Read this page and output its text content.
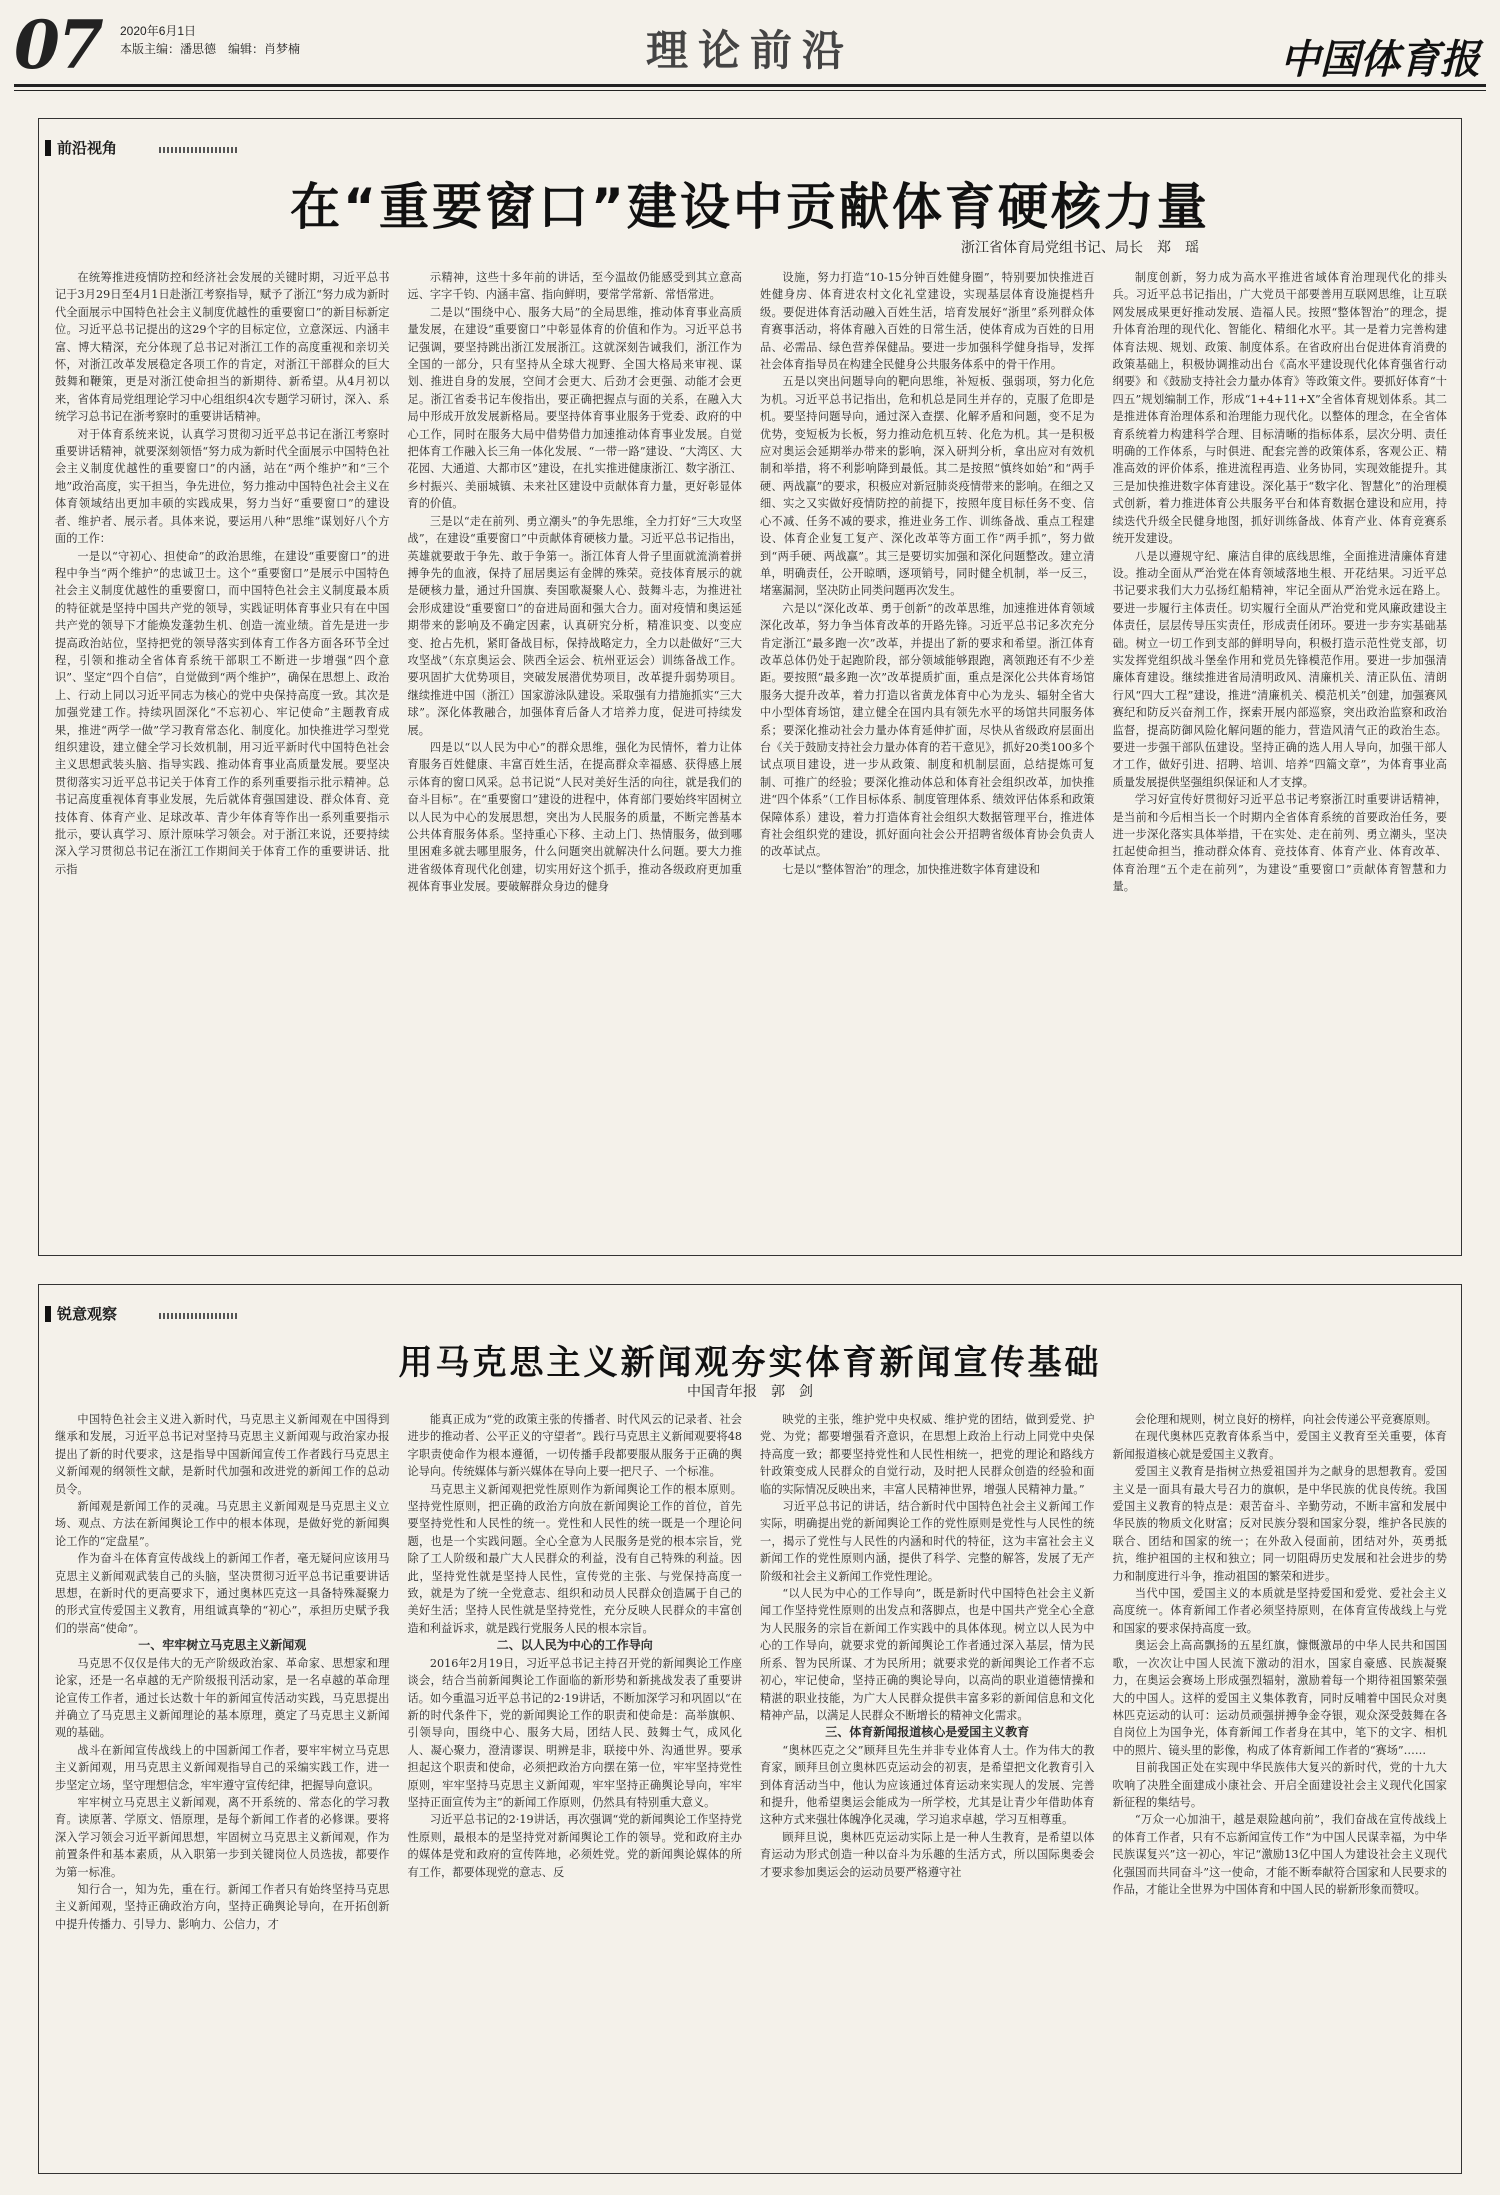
07 2020年6月1日
本版主编：潘思德　编辑：肖梦楠	理论前沿	中国体育报
前沿视角
在“重要窗口”建设中贡献体育硬核力量
浙江省体育局党组书记、局长　郑　瑶

在统筹推进疫情防控和经济社会发展的关键时期，习近平总书记于3月29日至4月1日赴浙江考察指导，赋予了浙江“努力成为新时代全面展示中国特色社会主义制度优越性的重要窗口”的新目标新定位。习近平总书记提出的这29个字的目标定位，立意深远、内涵丰富、博大精深，充分体现了总书记对浙江工作的高度重视和亲切关怀，对浙江改革发展稳定各项工作的肯定，对浙江干部群众的巨大鼓舞和鞭策，更是对浙江使命担当的新期待、新希望。从4月初以来，省体育局党组理论学习中心组组织4次专题学习研讨，深入、系统学习总书记在浙考察时的重要讲话精神。

对于体育系统来说，认真学习贯彻习近平总书记在浙江考察时重要讲话精神，就要深刻领悟“努力成为新时代全面展示中国特色社会主义制度优越性的重要窗口”的内涵，站在“两个维护”和“三个地”政治高度，实干担当，争先进位，努力推动中国特色社会主义在体育领域结出更加丰硕的实践成果，努力当好“重要窗口”的建设者、维护者、展示者。具体来说，要运用八种“思维”谋划好八个方面的工作：

一是以“守初心、担使命”的政治思维，在建设“重要窗口”的进程中争当“两个维护”的忠诚卫士。这个“重要窗口”是展示中国特色社会主义制度优越性的重要窗口，而中国特色社会主义制度最本质的特征就是坚持中国共产党的领导，实践证明体育事业只有在中国共产党的领导下才能焕发蓬勃生机、创造一流业绩。首先是进一步提高政治站位，坚持把党的领导落实到体育工作各方面各环节全过程，引领和推动全省体育系统干部职工不断进一步增强“四个意识”、坚定“四个自信”，自觉做到“两个维护”，确保在思想上、政治上、行动上同以习近平同志为核心的党中央保持高度一致。其次是加强党建工作。持续巩固深化“不忘初心、牢记使命”主题教育成果，推进“两学一做”学习教育常态化、制度化。加快推进学习型党组织建设，建立健全学习长效机制，用习近平新时代中国特色社会主义思想武装头脑、指导实践、推动体育事业高质量发展。要坚决贯彻落实习近平总书记关于体育工作的系列重要指示批示精神。总书记高度重视体育事业发展，先后就体育强国建设、群众体育、竞技体育、体育产业、足球改革、青少年体育等作出一系列重要指示批示，要认真学习、原汁原味学习领会。对于浙江来说，还要持续深入学习贯彻总书记在浙江工作期间关于体育工作的重要讲话、批示指

示精神，这些十多年前的讲话，至今温故仍能感受到其立意高远、字字千钧、内涵丰富、指向鲜明，要常学常新、常悟常进。

二是以“围绕中心、服务大局”的全局思维，推动体育事业高质量发展，在建设“重要窗口”中彰显体育的价值和作为。习近平总书记强调，要坚持跳出浙江发展浙江。这就深刻告诫我们，浙江作为全国的一部分，只有坚持从全球大视野、全国大格局来审视、谋划、推进自身的发展，空间才会更大、后劲才会更强、动能才会更足。浙江省委书记车俊指出，要正确把握点与面的关系，在融入大局中形成开放发展新格局。要坚持体育事业服务于党委、政府的中心工作，同时在服务大局中借势借力加速推动体育事业发展。自觉把体育工作融入长三角一体化发展、“一带一路”建设、“大湾区、大花园、大通道、大都市区”建设，在扎实推进健康浙江、数字浙江、乡村振兴、美丽城镇、未来社区建设中贡献体育力量，更好彰显体育的价值。

三是以“走在前列、勇立潮头”的争先思维，全力打好“三大攻坚战”，在建设“重要窗口”中贡献体育硬核力量。习近平总书记指出，英雄就要敢于争先、敢于争第一。浙江体育人骨子里面就流淌着拼搏争先的血液，保持了屈居奥运有金牌的殊荣。竞技体育展示的就是硬核力量，通过升国旗、奏国歌凝聚人心、鼓舞斗志，为推进社会形成建设“重要窗口”的奋进局面和强大合力。面对疫情和奥运延期带来的影响及不确定因素，认真研究分析，精准识变、以变应变、抢占先机，紧盯备战目标，保持战略定力，全力以赴做好“三大攻坚战”（东京奥运会、陕西全运会、杭州亚运会）训练备战工作。要巩固扩大优势项目，突破发展潜优势项目，改革提升弱势项目。继续推进中国（浙江）国家游泳队建设。采取强有力措施抓实“三大球”。深化体教融合，加强体育后备人才培养力度，促进可持续发展。

四是以“以人民为中心”的群众思维，强化为民情怀，着力让体育服务百姓健康、丰富百姓生活，在提高群众幸福感、获得感上展示体育的窗口风采。总书记说“人民对美好生活的向往，就是我们的奋斗目标”。在“重要窗口”建设的进程中，体育部门要始终牢固树立以人民为中心的发展思想，突出为人民服务的质量，不断完善基本公共体育服务体系。坚持重心下移、主动上门、热情服务，做到哪里困难多就去哪里服务，什么问题突出就解决什么问题。要大力推进省级体育现代化创建，切实用好这个抓手，推动各级政府更加重视体育事业发展。要破解群众身边的健身

设施，努力打造“10-15分钟百姓健身圈”，特别要加快推进百姓健身房、体育进农村文化礼堂建设，实现基层体育设施提档升级。要促进体育活动融入百姓生活，培育发展好“浙里”系列群众体育赛事活动，将体育融入百姓的日常生活，使体育成为百姓的日用品、必需品、绿色营养保健品。要进一步加强科学健身指导，发挥社会体育指导员在构建全民健身公共服务体系中的骨干作用。

五是以突出问题导向的靶向思维，补短板、强弱项，努力化危为机。习近平总书记指出，危和机总是同生并存的，克服了危即是机。要坚持问题导向，通过深入查摆、化解矛盾和问题，变不足为优势，变短板为长板，努力推动危机互转、化危为机。其一是积极应对奥运会延期举办带来的影响，深入研判分析，拿出应对有效机制和举措，将不利影响降到最低。其二是按照“慎终如始”和“两手硬、两战赢”的要求，积极应对新冠肺炎疫情带来的影响。在细之又细、实之又实做好疫情防控的前提下，按照年度目标任务不变、信心不减、任务不减的要求，推进业务工作、训练备战、重点工程建设、体育企业复工复产、深化改革等方面工作“两手抓”，努力做到“两手硬、两战赢”。其三是要切实加强和深化问题整改。建立清单，明确责任，公开晾晒，逐项销号，同时健全机制，举一反三，堵塞漏洞，坚决防止同类问题再次发生。

六是以“深化改革、勇于创新”的改革思维，加速推进体育领域深化改革，努力争当体育改革的开路先锋。习近平总书记多次充分肯定浙江“最多跑一次”改革，并提出了新的要求和希望。浙江体育改革总体仍处于起跑阶段，部分领域能够跟跑，离领跑还有不少差距。要按照“最多跑一次”改革提质扩面，重点是深化公共体育场馆服务大提升改革，着力打造以省黄龙体育中心为龙头、辐射全省大中小型体育场馆，建立健全在国内具有领先水平的场馆共同服务体系；要深化推动社会力量办体育延伸扩面，尽快从省级政府层面出台《关于鼓励支持社会力量办体育的若干意见》，抓好20类100多个试点项目建设，进一步从政策、制度和机制层面，总结提炼可复制、可推广的经验；要深化推动体总和体育社会组织改革，加快推进“四个体系”（工作目标体系、制度管理体系、绩效评估体系和政策保障体系）建设，着力打造体育社会组织大数据管理平台，推进体育社会组织党的建设，抓好面向社会公开招聘省级体育协会负责人的改革试点。

七是以“整体智治”的理念，加快推进数字体育建设和

制度创新，努力成为高水平推进省域体育治理现代化的排头兵。习近平总书记指出，广大党员干部要善用互联网思维，让互联网发展成果更好推动发展、造福人民。按照“整体智治”的理念，提升体育治理的现代化、智能化、精细化水平。其一是着力完善构建体育法规、规划、政策、制度体系。在省政府出台促进体育消费的政策基础上，积极协调推动出台《高水平建设现代化体育强省行动纲要》和《鼓励支持社会力量办体育》等政策文件。要抓好体育“十四五”规划编制工作，形成“1+4+11+X”全省体育规划体系。其二是推进体育治理体系和治理能力现代化。以整体的理念，在全省体育系统着力构建科学合理、目标清晰的指标体系，层次分明、责任明确的工作体系，与时俱进、配套完善的政策体系，客观公正、精准高效的评价体系，推进流程再造、业务协同，实现效能提升。其三是加快推进数字体育建设。深化基于“数字化、智慧化”的治理模式创新，着力推进体育公共服务平台和体育数据仓建设和应用，持续迭代升级全民健身地图，抓好训练备战、体育产业、体育竞赛系统开发建设。

八是以遵规守纪、廉洁自律的底线思维，全面推进清廉体育建设。推动全面从严治党在体育领域落地生根、开花结果。习近平总书记要求我们大力弘扬红船精神，牢记全面从严治党永远在路上。要进一步履行主体责任。切实履行全面从严治党和党风廉政建设主体责任，层层传导压实责任，形成责任闭环。要进一步夯实基础基础。树立一切工作到支部的鲜明导向，积极打造示范性党支部，切实发挥党组织战斗堡垒作用和党员先锋模范作用。要进一步加强清廉体育建设。继续推进省局清明政风、清廉机关、清正队伍、清朗行风“四大工程”建设，推进“清廉机关、模范机关”创建，加强赛风赛纪和防反兴奋剂工作，探索开展内部巡察，突出政治监察和政治监督，提高防御风险化解问题的能力，营造风清气正的政治生态。要进一步强干部队伍建设。坚持正确的选人用人导向，加强干部人才工作，做好引进、招聘、培训、培养“四篇文章”，为体育事业高质量发展提供坚强组织保证和人才支撑。

学习好宣传好贯彻好习近平总书记考察浙江时重要讲话精神，是当前和今后相当长一个时期内全省体育系统的首要政治任务，要进一步深化落实具体举措，干在实处、走在前列、勇立潮头，坚决扛起使命担当，推动群众体育、竞技体育、体育产业、体育改革、体育治理“五个走在前列”，为建设“重要窗口”贡献体育智慧和力量。

锐意观察
用马克思主义新闻观夯实体育新闻宣传基础
中国青年报　郭　剑

中国特色社会主义进入新时代，马克思主义新闻观在中国得到继承和发展，习近平总书记对坚持马克思主义新闻观与政治家办报提出了新的时代要求，这是指导中国新闻宣传工作者践行马克思主义新闻观的纲领性文献，是新时代加强和改进党的新闻工作的总动员令。

新闻观是新闻工作的灵魂。马克思主义新闻观是马克思主义立场、观点、方法在新闻舆论工作中的根本体现，是做好党的新闻舆论工作的“定盘星”。

作为奋斗在体育宣传战线上的新闻工作者，毫无疑问应该用马克思主义新闻观武装自己的头脑，坚决贯彻习近平总书记重要讲话思想，在新时代的更高要求下，通过奥林匹克这一具备特殊凝聚力的形式宣传爱国主义教育，用组诚真挚的“初心”，承担历史赋予我们的崇高“使命”。

一、牢牢树立马克思主义新闻观

马克思不仅仅是伟大的无产阶级政治家、革命家、思想家和理论家，还是一名卓越的无产阶级报刊活动家，是一名卓越的革命理论宣传工作者，通过长达数十年的新闻宣传活动实践，马克思提出并确立了马克思主义新闻理论的基本原理，奠定了马克思主义新闻观的基础。

战斗在新闻宣传战线上的中国新闻工作者，要牢牢树立马克思主义新闻观，用马克思主义新闻观指导自己的采编实践工作，进一步坚定立场，坚守理想信念，牢牢遵守宣传纪律，把握导向意识。

牢牢树立马克思主义新闻观，离不开系统的、常态化的学习教育。读原著、学原文、悟原理，是每个新闻工作者的必修课。要将深入学习领会习近平新闻思想，牢固树立马克思主义新闻观，作为前置条件和基本素质，从入职第一步到关键岗位人员选拔，都要作为第一标准。

知行合一，知为先，重在行。新闻工作者只有始终坚持马克思主义新闻观，坚持正确政治方向，坚持正确舆论导向，在开拓创新中提升传播力、引导力、影响力、公信力，才

能真正成为“党的政策主张的传播者、时代风云的记录者、社会进步的推动者、公平正义的守望者”。践行马克思主义新闻观要将48字职责使命作为根本遵循，一切传播手段都要服从服务于正确的舆论导向。传统媒体与新兴媒体在导向上要一把尺子、一个标准。

马克思主义新闻观把党性原则作为新闻舆论工作的根本原则。坚持党性原则，把正确的政治方向放在新闻舆论工作的首位，首先要坚持党性和人民性的统一。党性和人民性的统一既是一个理论问题，也是一个实践问题。全心全意为人民服务是党的根本宗旨，党除了工人阶级和最广大人民群众的利益，没有自己特殊的利益。因此，坚持党性就是坚持人民性，宣传党的主张、与党保持高度一致，就是为了统一全党意志、组织和动员人民群众创造属于自己的美好生活；坚持人民性就是坚持党性，充分反映人民群众的丰富创造和利益诉求，就是践行党服务人民的根本宗旨。

二、以人民为中心的工作导向

2016年2月19日，习近平总书记主持召开党的新闻舆论工作座谈会，结合当前新闻舆论工作面临的新形势和新挑战发表了重要讲话。如今重温习近平总书记的2·19讲话，不断加深学习和巩固以“在新的时代条件下，党的新闻舆论工作的职责和使命是：高举旗帜、引领导向，围绕中心、服务大局，团结人民、鼓舞士气，成风化人、凝心聚力，澄清谬误、明辨是非，联接中外、沟通世界。要承担起这个职责和使命，必须把政治方向摆在第一位，牢牢坚持党性原则，牢牢坚持马克思主义新闻观，牢牢坚持正确舆论导向，牢牢坚持正面宣传为主”的新闻工作原则，仍然具有特别重大意义。

习近平总书记的2·19讲话，再次强调“党的新闻舆论工作坚持党性原则，最根本的是坚持党对新闻舆论工作的领导。党和政府主办的媒体是党和政府的宣传阵地，必须姓党。党的新闻舆论媒体的所有工作，都要体现党的意志、反

映党的主张，维护党中央权威、维护党的团结，做到爱党、护党、为党；都要增强看齐意识，在思想上政治上行动上同党中央保持高度一致；都要坚持党性和人民性相统一，把党的理论和路线方针政策变成人民群众的自觉行动，及时把人民群众创造的经验和面临的实际情况反映出来，丰富人民精神世界，增强人民精神力量。”

习近平总书记的讲话，结合新时代中国特色社会主义新闻工作实际，明确提出党的新闻舆论工作的党性原则是党性与人民性的统一，揭示了党性与人民性的内涵和时代的特征，这为丰富社会主义新闻工作的党性原则内涵，提供了科学、完整的解答，发展了无产阶级和社会主义新闻工作党性理论。

“以人民为中心的工作导向”，既是新时代中国特色社会主义新闻工作坚持党性原则的出发点和落脚点，也是中国共产党全心全意为人民服务的宗旨在新闻工作实践中的具体体现。树立以人民为中心的工作导向，就要求党的新闻舆论工作者通过深入基层，情为民所系、智为民所谋、才为民所用；就要求党的新闻舆论工作者不忘初心，牢记使命，坚持正确的舆论导向，以高尚的职业道德情操和精湛的职业技能，为广大人民群众提供丰富多彩的新闻信息和文化精神产品，以满足人民群众不断增长的精神文化需求。

三、体育新闻报道核心是爱国主义教育

“奥林匹克之父”顾拜旦先生并非专业体育人士。作为伟大的教育家，顾拜旦创立奥林匹克运动会的初衷，是希望把文化教育引入到体育活动当中，他认为应该通过体育运动来实现人的发展、完善和提升，他希望奥运会能成为一所学校，尤其是让青少年借助体育这种方式来强壮体魄净化灵魂，学习追求卓越，学习互相尊重。

顾拜旦说，奥林匹克运动实际上是一种人生教育，是希望以体育运动为形式创造一种以奋斗为乐趣的生活方式，所以国际奥委会才要求参加奥运会的运动员要严格遵守社

会伦理和规则，树立良好的榜样，向社会传递公平竞赛原则。

在现代奥林匹克教育体系当中，爱国主义教育至关重要，体育新闻报道核心就是爱国主义教育。

爱国主义教育是指树立热爱祖国并为之献身的思想教育。爱国主义是一面具有最大号召力的旗帜，是中华民族的优良传统。我国爱国主义教育的特点是：艰苦奋斗、辛勤劳动，不断丰富和发展中华民族的物质文化财富；反对民族分裂和国家分裂，维护各民族的联合、团结和国家的统一；在外敌入侵面前，团结对外，英勇抵抗，维护祖国的主权和独立；同一切阻碍历史发展和社会进步的势力和制度进行斗争，推动祖国的繁荣和进步。

当代中国，爱国主义的本质就是坚持爱国和爱党、爱社会主义高度统一。体育新闻工作者必须坚持原则，在体育宣传战线上与党和国家的要求保持高度一致。

奥运会上高高飘扬的五星红旗，慷慨激昂的中华人民共和国国歌，一次次让中国人民流下激动的泪水，国家自豪感、民族凝聚力，在奥运会赛场上形成强烈辐射，激励着每一个期待祖国繁荣强大的中国人。这样的爱国主义集体教育，同时反哺着中国民众对奥林匹克运动的认可：运动员顽强拼搏争金夺银，观众深受鼓舞在各自岗位上为国争光，体育新闻工作者身在其中，笔下的文字、相机中的照片、镜头里的影像，构成了体育新闻工作者的“赛场”……

目前我国正处在实现中华民族伟大复兴的新时代，党的十九大吹响了决胜全面建成小康社会、开启全面建设社会主义现代化国家新征程的集结号。

“万众一心加油干，越是艰险越向前”，我们奋战在宣传战线上的体育工作者，只有不忘新闻宣传工作“为中国人民谋幸福，为中华民族谋复兴”这一初心，牢记“激励13亿中国人为建设社会主义现代化强国而共同奋斗”这一使命，才能不断奉献符合国家和人民要求的作品，才能让全世界为中国体育和中国人民的崭新形象而赞叹。
